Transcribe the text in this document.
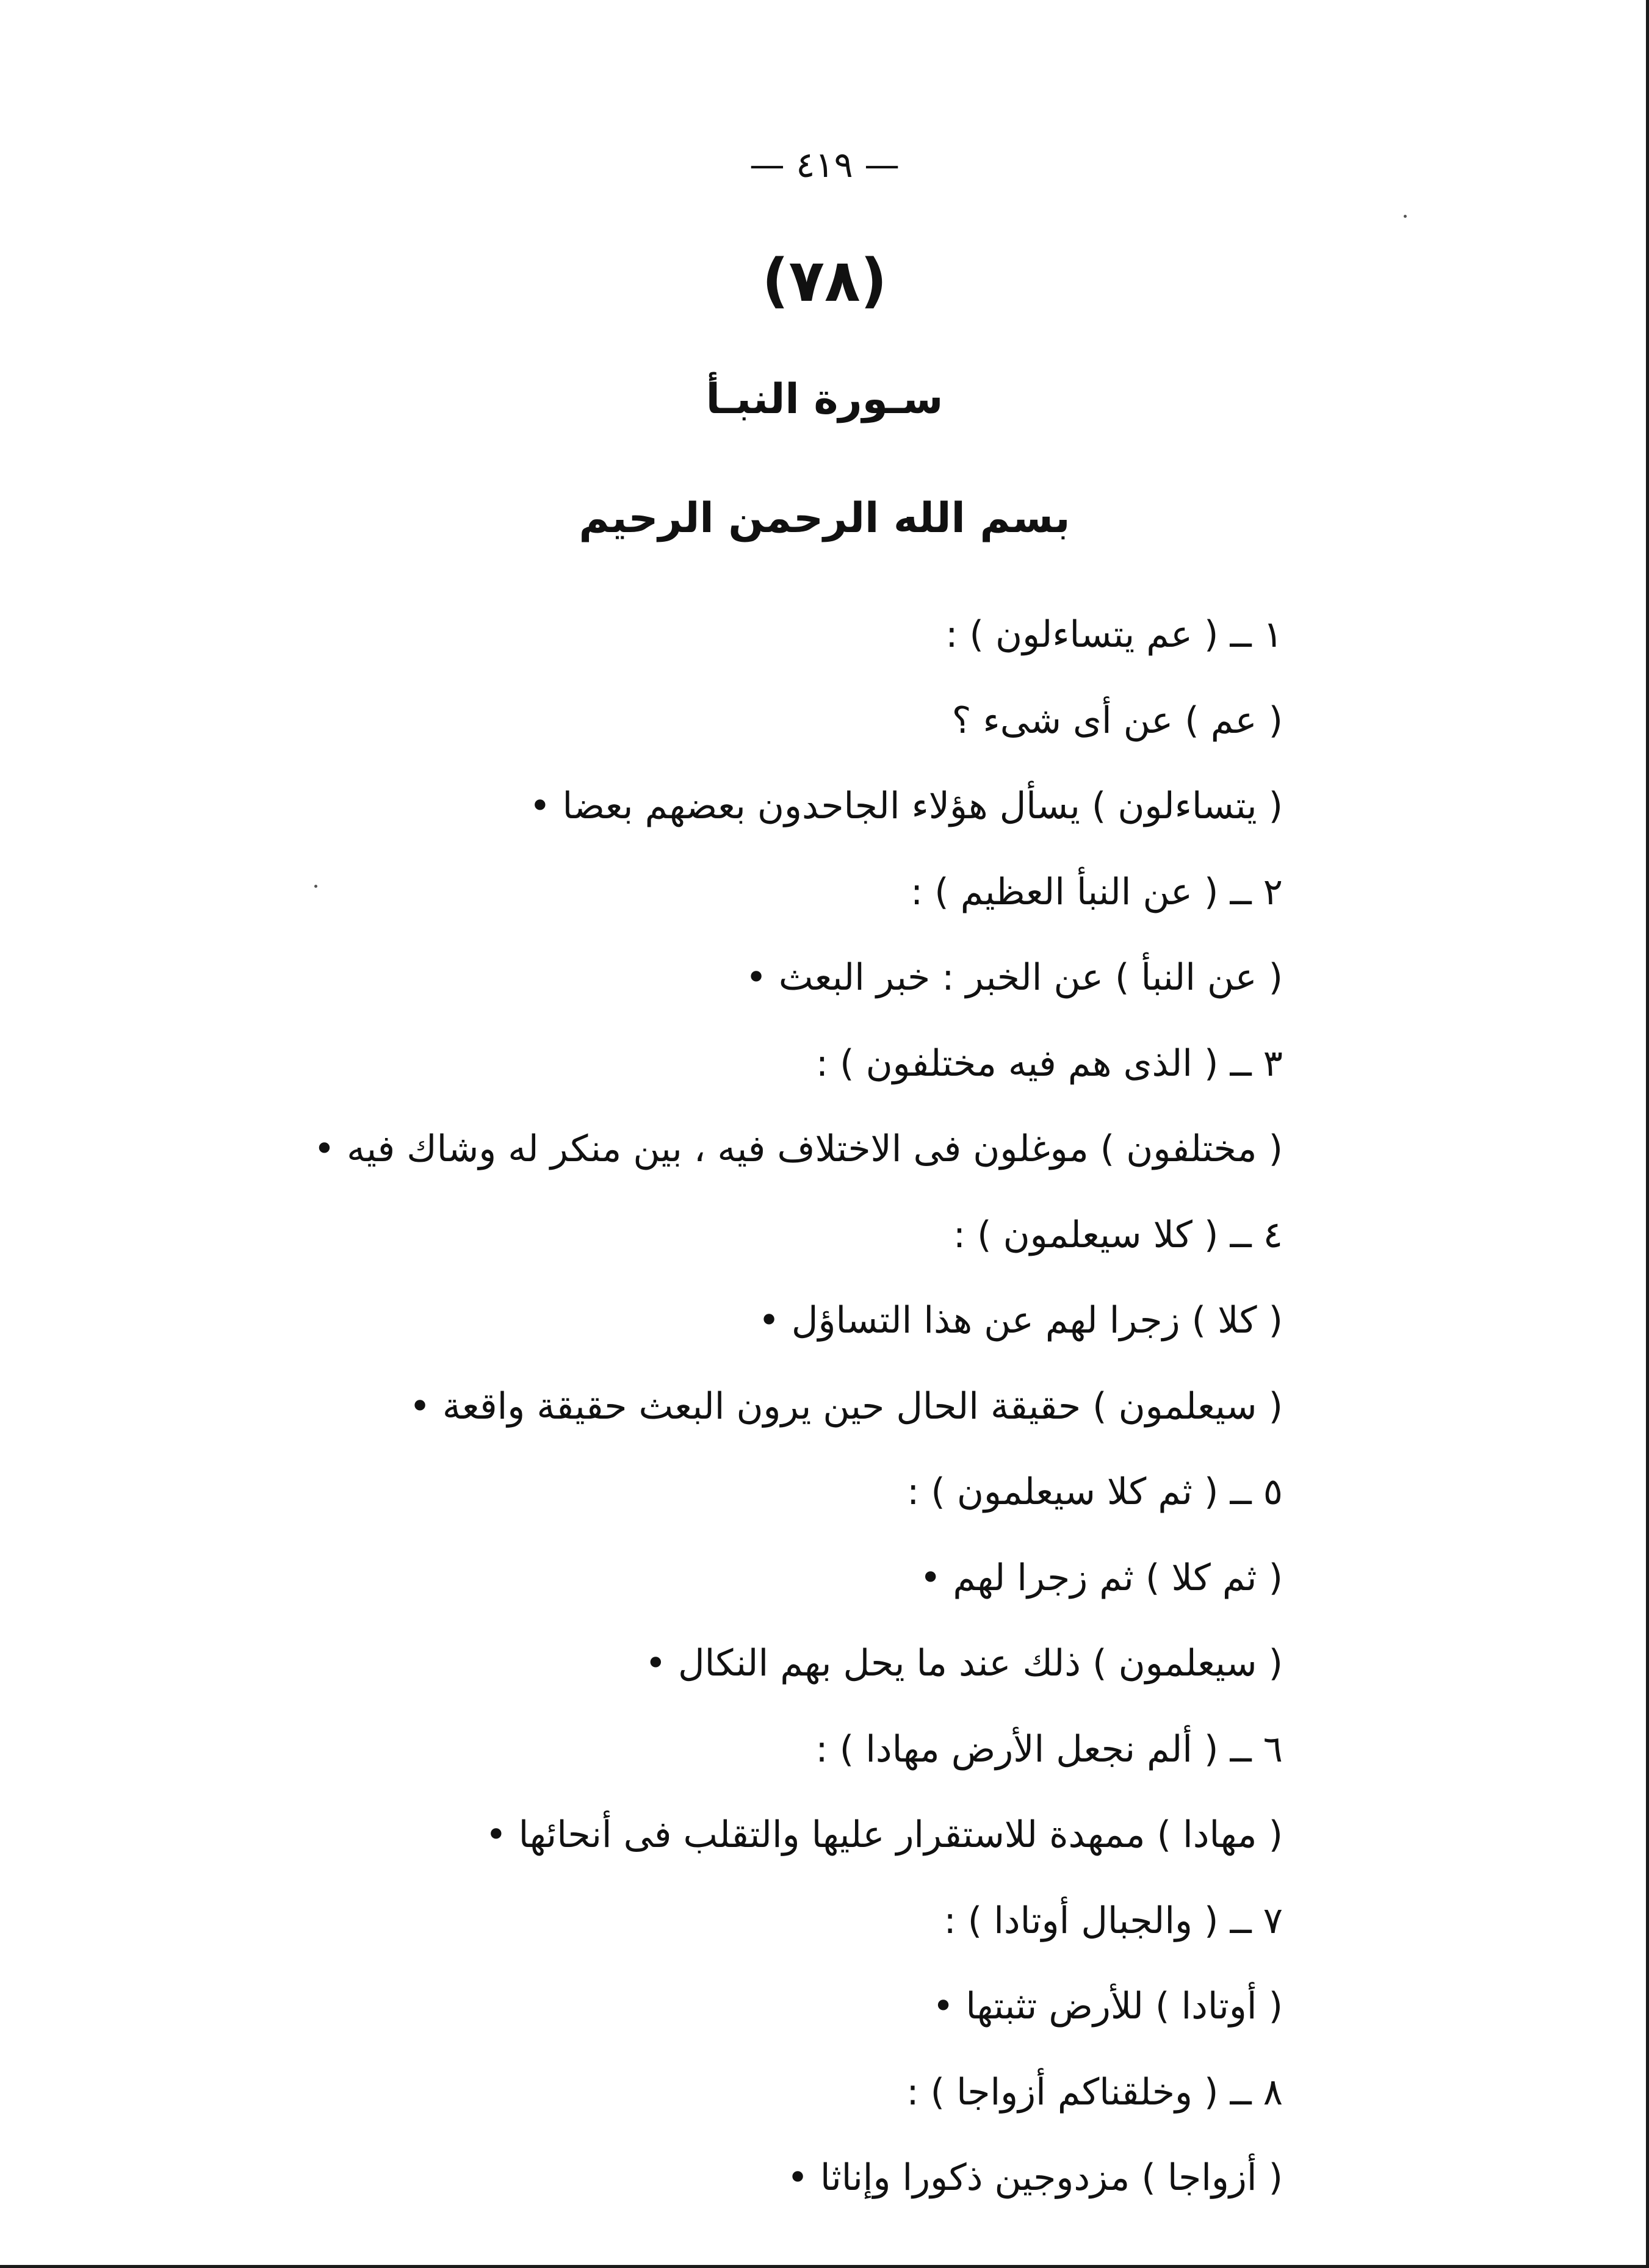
— ٤١٩ —
(٧٨)
سـورة النبـأ
بسم الله الرحمن الرحيم
١ ــ ( عم يتساءلون ) :
( عم ) عن أى شىء ؟
( يتساءلون ) يسأل هؤلاء الجاحدون بعضهم بعضا •
٢ ــ ( عن النبأ العظيم ) :
( عن النبأ ) عن الخبر : خبر البعث •
٣ ــ ( الذى هم فيه مختلفون ) :
( مختلفون ) موغلون فى الاختلاف فيه ، بين منكر له وشاك فيه •
٤ ــ ( كلا سيعلمون ) :
( كلا ) زجرا لهم عن هذا التساؤل •
( سيعلمون ) حقيقة الحال حين يرون البعث حقيقة واقعة •
٥ ــ ( ثم كلا سيعلمون ) :
( ثم كلا ) ثم زجرا لهم •
( سيعلمون ) ذلك عند ما يحل بهم النكال •
٦ ــ ( ألم نجعل الأرض مهادا ) :
( مهادا ) ممهدة للاستقرار عليها والتقلب فى أنحائها •
٧ ــ ( والجبال أوتادا ) :
( أوتادا ) للأرض تثبتها •
٨ ــ ( وخلقناكم أزواجا ) :
( أزواجا ) مزدوجين ذكورا وإناثا •
